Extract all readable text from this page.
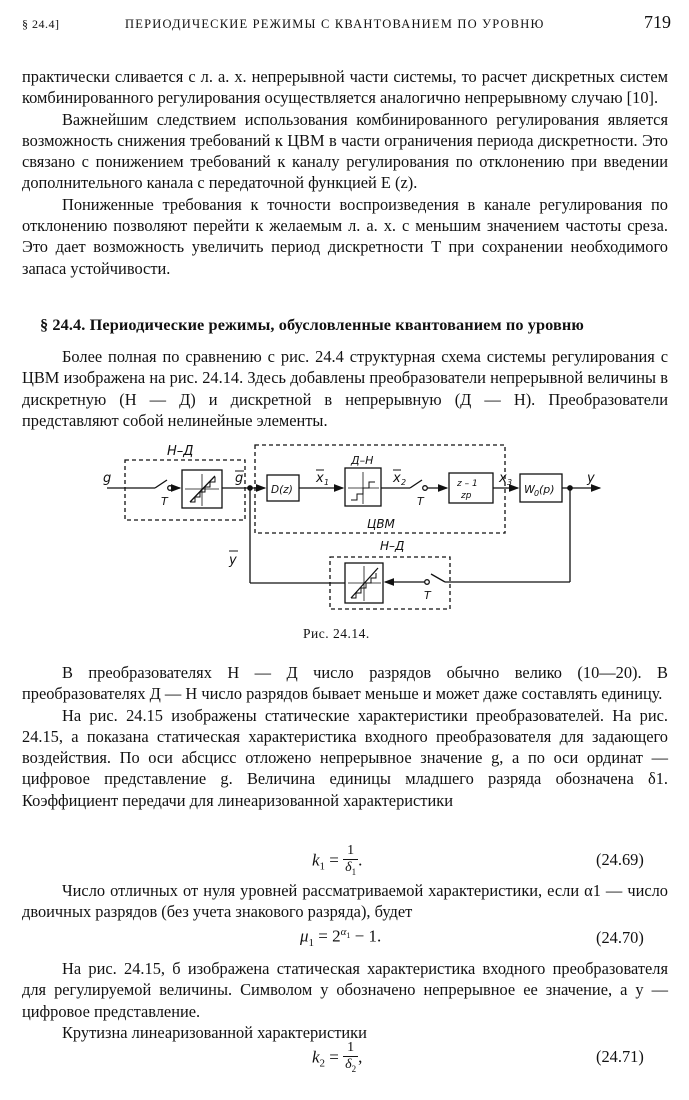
§ 24.4]	ПЕРИОДИЧЕСКИЕ РЕЖИМЫ С КВАНТОВАНИЕМ ПО УРОВНЮ	719

практически сливается с л. а. х. непрерывной части системы, то расчет дискретных систем комбинированного регулирования осуществляется аналогично непрерывному случаю [10].

Важнейшим следствием использования комбинированного регулирования является возможность снижения требований к ЦВМ в части ограничения периода дискретности. Это связано с понижением требований к каналу регулирования по отклонению при введении дополнительного канала с передаточной функцией E (z).

Пониженные требования к точности воспроизведения в канале регулирования по отклонению позволяют перейти к желаемым л. а. х. с меньшим значением частоты среза. Это дает возможность увеличить период дискретности T при сохранении необходимого запаса устойчивости.

§ 24.4. Периодические режимы, обусловленные квантованием по уровню

Более полная по сравнению с рис. 24.4 структурная схема системы регулирования с ЦВМ изображена на рис. 24.14. Здесь добавлены преобразователи непрерывной величины в дискретную (Н — Д) и дискретной в непрерывную (Д — Н). Преобразователи представляют собой нелинейные элементы.

g
Н–Д
T
g
D(z)
x 1
Д–Н
x 2
T
z – 1
zp
x 3
W 0 (p)
y
ЦВМ
Н–Д
T
y
Рис. 24.14.

В преобразователях Н — Д число разрядов обычно велико (10—20). В преобразователях Д — Н число разрядов бывает меньше и может даже составлять единицу.

На рис. 24.15 изображены статические характеристики преобразователей. На рис. 24.15, а показана статическая характеристика входного преобразователя для задающего воздействия. По оси абсцисс отложено непрерывное значение g, а по оси ординат — цифровое представление g. Величина единицы младшего разряда обозначена δ1. Коэффициент передачи для линеаризованной характеристики

$k_1 = \frac{1}{\delta_1}$ .	(24.69)

Число отличных от нуля уровней рассматриваемой характеристики, если α1 — число двоичных разрядов (без учета знакового разряда), будет

$\mu_1 = 2^{\alpha_1} - 1$.	(24.70)

На рис. 24.15, б изображена статическая характеристика входного преобразователя для регулируемой величины. Символом y обозначено непрерывное ее значение, а y — цифровое представление.

Крутизна линеаризованной характеристики

$k_2 = \frac{1}{\delta_2}$ ,	(24.71)
